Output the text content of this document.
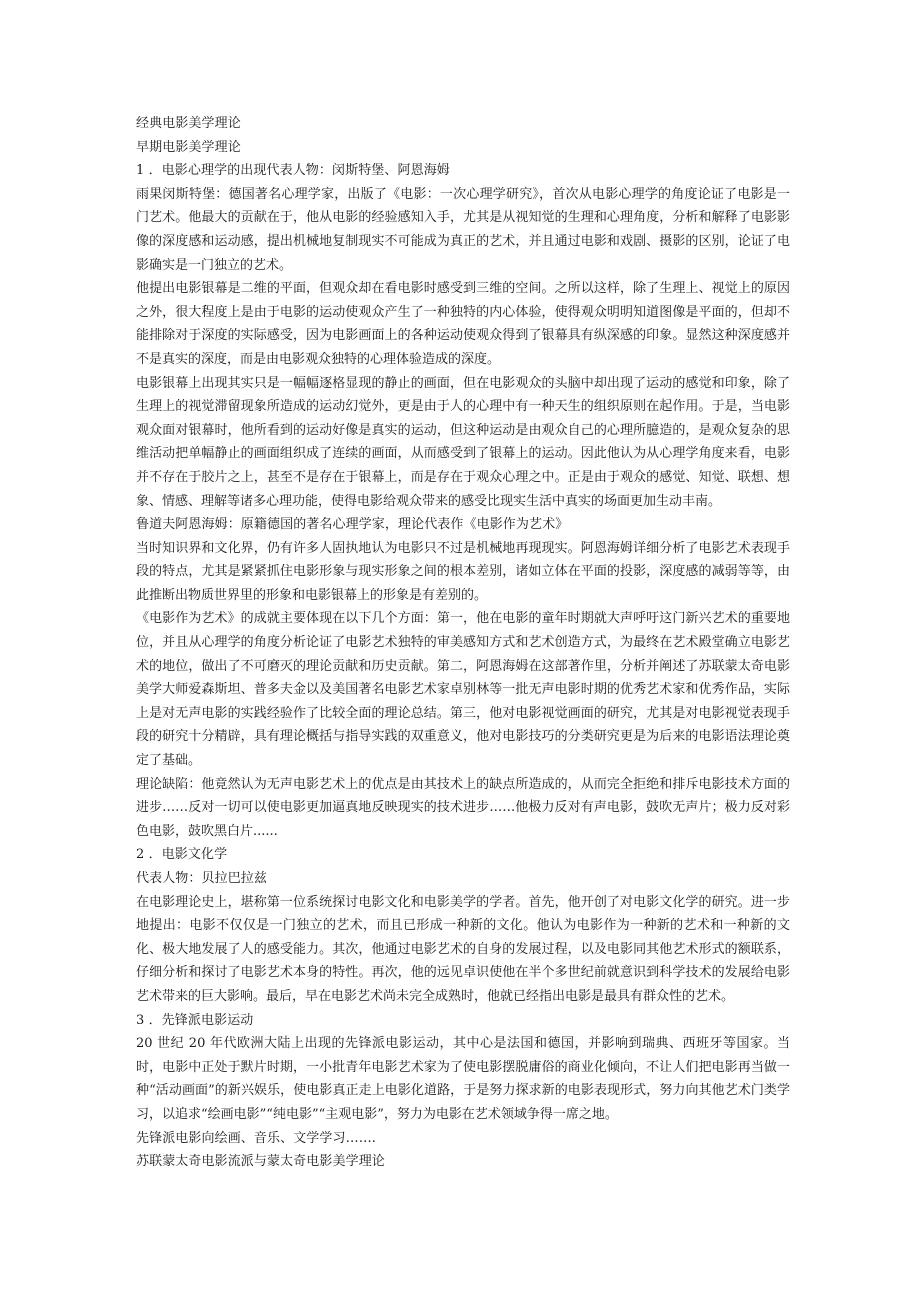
经典电影美学理论
早期电影美学理论
1 ．电影心理学的出现代表人物：闵斯特堡、阿恩海姆

雨果闵斯特堡：德国著名心理学家，出版了《电影：一次心理学研究》，首次从电影心理学的角度论证了电影是一门艺术。他最大的贡献在于，他从电影的经验感知入手，尤其是从视知觉的生理和心理角度，分析和解释了电影影像的深度感和运动感，提出机械地复制现实不可能成为真正的艺术，并且通过电影和戏剧、摄影的区别，论证了电影确实是一门独立的艺术。

他提出电影银幕是二维的平面，但观众却在看电影时感受到三维的空间。之所以这样，除了生理上、视觉上的原因之外，很大程度上是由于电影的运动使观众产生了一种独特的内心体验，使得观众明明知道图像是平面的，但却不能排除对于深度的实际感受，因为电影画面上的各种运动使观众得到了银幕具有纵深感的印象。显然这种深度感并不是真实的深度，而是由电影观众独特的心理体验造成的深度。

电影银幕上出现其实只是一幅幅逐格显现的静止的画面，但在电影观众的头脑中却出现了运动的感觉和印象，除了生理上的视觉滞留现象所造成的运动幻觉外，更是由于人的心理中有一种天生的组织原则在起作用。于是，当电影观众面对银幕时，他所看到的运动好像是真实的运动，但这种运动是由观众自己的心理所臆造的，是观众复杂的思维活动把单幅静止的画面组织成了连续的画面，从而感受到了银幕上的运动。因此他认为从心理学角度来看，电影并不存在于胶片之上，甚至不是存在于银幕上，而是存在于观众心理之中。正是由于观众的感觉、知觉、联想、想象、情感、理解等诸多心理功能，使得电影给观众带来的感受比现实生活中真实的场面更加生动丰南。

鲁道夫阿恩海姆：原籍德国的著名心理学家，理论代表作《电影作为艺术》

当时知识界和文化界，仍有许多人固执地认为电影只不过是机械地再现现实。阿恩海姆详细分析了电影艺术表现手段的特点，尤其是紧紧抓住电影形象与现实形象之间的根本差别，诸如立体在平面的投影，深度感的减弱等等，由此推断出物质世界里的形象和电影银幕上的形象是有差别的。

《电影作为艺术》的成就主要体现在以下几个方面：第一，他在电影的童年时期就大声呼吁这门新兴艺术的重要地位，并且从心理学的角度分析论证了电影艺术独特的审美感知方式和艺术创造方式，为最终在艺术殿堂确立电影艺术的地位，做出了不可磨灭的理论贡献和历史贡献。第二，阿恩海姆在这部著作里，分析并阐述了苏联蒙太奇电影美学大师爱森斯坦、普多夫金以及美国著名电影艺术家卓别林等一批无声电影时期的优秀艺术家和优秀作品，实际上是对无声电影的实践经验作了比较全面的理论总结。第三，他对电影视觉画面的研究，尤其是对电影视觉表现手段的研究十分精辟，具有理论概括与指导实践的双重意义，他对电影技巧的分类研究更是为后来的电影语法理论奠定了基础。

理论缺陷：他竟然认为无声电影艺术上的优点是由其技术上的缺点所造成的，从而完全拒绝和排斥电影技术方面的进步……反对一切可以使电影更加逼真地反映现实的技术进步……他极力反对有声电影，鼓吹无声片；极力反对彩色电影，鼓吹黑白片......

2 ．电影文化学
代表人物：贝拉巴拉兹

在电影理论史上，堪称第一位系统探讨电影文化和电影美学的学者。首先，他开创了对电影文化学的研究。进一步地提出：电影不仅仅是一门独立的艺术，而且已形成一种新的文化。他认为电影作为一种新的艺术和一种新的文化、极大地发展了人的感受能力。其次，他通过电影艺术的自身的发展过程，以及电影同其他艺术形式的额联系，仔细分析和探讨了电影艺术本身的特性。再次，他的远见卓识使他在半个多世纪前就意识到科学技术的发展给电影艺术带来的巨大影响。最后，早在电影艺术尚未完全成熟时，他就已经指出电影是最具有群众性的艺术。

3 ．先锋派电影运动

20 世纪 20 年代欧洲大陆上出现的先锋派电影运动，其中心是法国和德国，并影响到瑞典、西班牙等国家。当时，电影中正处于默片时期，一小批青年电影艺术家为了使电影摆脱庸俗的商业化倾向，不让人们把电影再当做一种“活动画面”的新兴娱乐，使电影真正走上电影化道路，于是努力探求新的电影表现形式，努力向其他艺术门类学习，以追求“绘画电影”“纯电影”“主观电影”，努力为电影在艺术领域争得一席之地。

先锋派电影向绘画、音乐、文学学习…….
苏联蒙太奇电影流派与蒙太奇电影美学理论
